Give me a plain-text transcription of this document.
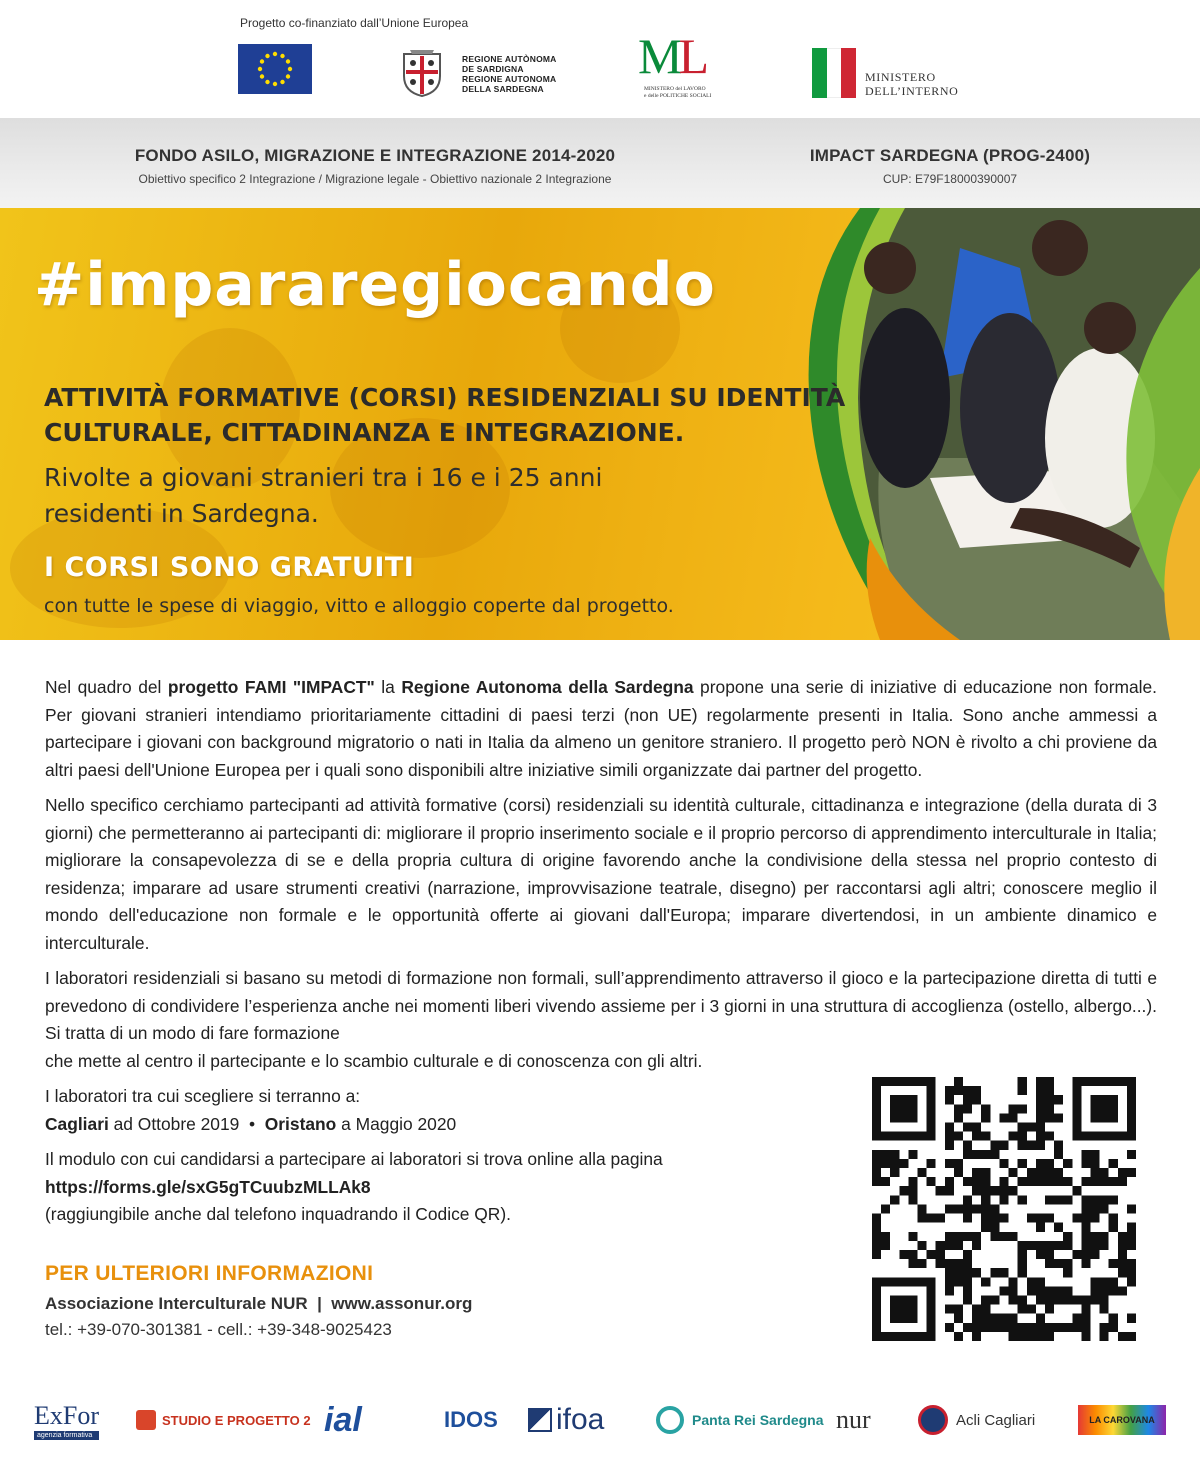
Progetto co-finanziato dall’Unione Europea
REGIONE AUTÒNOMA
DE SARDIGNA
REGIONE AUTONOMA
DELLA SARDEGNA
ML
MINISTERO del LAVORO
e delle POLITICHE SOCIALI
MINISTERO
DELL’INTERNO
FONDO ASILO, MIGRAZIONE E INTEGRAZIONE 2014-2020
Obiettivo specifico 2 Integrazione / Migrazione legale - Obiettivo nazionale 2 Integrazione
IMPACT SARDEGNA (PROG-2400)
CUP: E79F18000390007
#impararegiocando
ATTIVITÀ FORMATIVE (CORSI) RESIDENZIALI SU IDENTITÀ
CULTURALE, CITTADINANZA E INTEGRAZIONE.
Rivolte a giovani stranieri tra i 16 e i 25 anni
residenti in Sardegna.
I CORSI SONO GRATUITI
con tutte le spese di viaggio, vitto e alloggio coperte dal progetto.

Nel quadro del progetto FAMI "IMPACT" la Regione Autonoma della Sardegna propone una serie di iniziative di educazione non formale. Per giovani stranieri intendiamo prioritariamente cittadini di paesi terzi (non UE) regolarmente presenti in Italia. Sono anche ammessi a partecipare i giovani con background migratorio o nati in Italia da almeno un genitore straniero. Il progetto però NON è rivolto a chi proviene da altri paesi dell'Unione Europea per i quali sono disponibili altre iniziative simili organizzate dai partner del progetto.

Nello specifico cerchiamo partecipanti ad attività formative (corsi) residenziali su identità culturale, cittadinanza e integrazione (della durata di 3 giorni) che permetteranno ai partecipanti di: migliorare il proprio inserimento sociale e il proprio percorso di apprendimento interculturale in Italia; migliorare la consapevolezza di se e della propria cultura di origine favorendo anche la condivisione della stessa nel proprio contesto di residenza; imparare ad usare strumenti creativi (narrazione, improvvisazione teatrale, disegno) per raccontarsi agli altri; conoscere meglio il mondo dell'educazione non formale e le opportunità offerte ai giovani dall'Europa; imparare divertendosi, in un ambiente dinamico e interculturale.

I laboratori residenziali si basano su metodi di formazione non formali, sull’apprendimento attraverso il gioco e la partecipazione diretta di tutti e prevedono di condividere l’esperienza anche nei momenti liberi vivendo assieme per i 3 giorni in una struttura di accoglienza (ostello, albergo...). Si tratta di un modo di fare formazione

che mette al centro il partecipante e lo scambio culturale e di conoscenza con gli altri.

I laboratori tra cui scegliere si terranno a:

Cagliari ad Ottobre 2019 • Oristano a Maggio 2020

Il modulo con cui candidarsi a partecipare ai laboratori si trova online alla pagina

https://forms.gle/sxG5gTCuubzMLLAk8

(raggiungibile anche dal telefono inquadrando il Codice QR).

PER ULTERIORI INFORMAZIONI
Associazione Interculturale NUR | www.assonur.org
tel.: +39-070-301381 - cell.: +39-348-9025423
ExFor
agenzia formativa
STUDIO E PROGETTO 2 ial	IDOS ifoa	Panta Rei Sardegna nur	Acli Cagliari	LA CAROVANA
